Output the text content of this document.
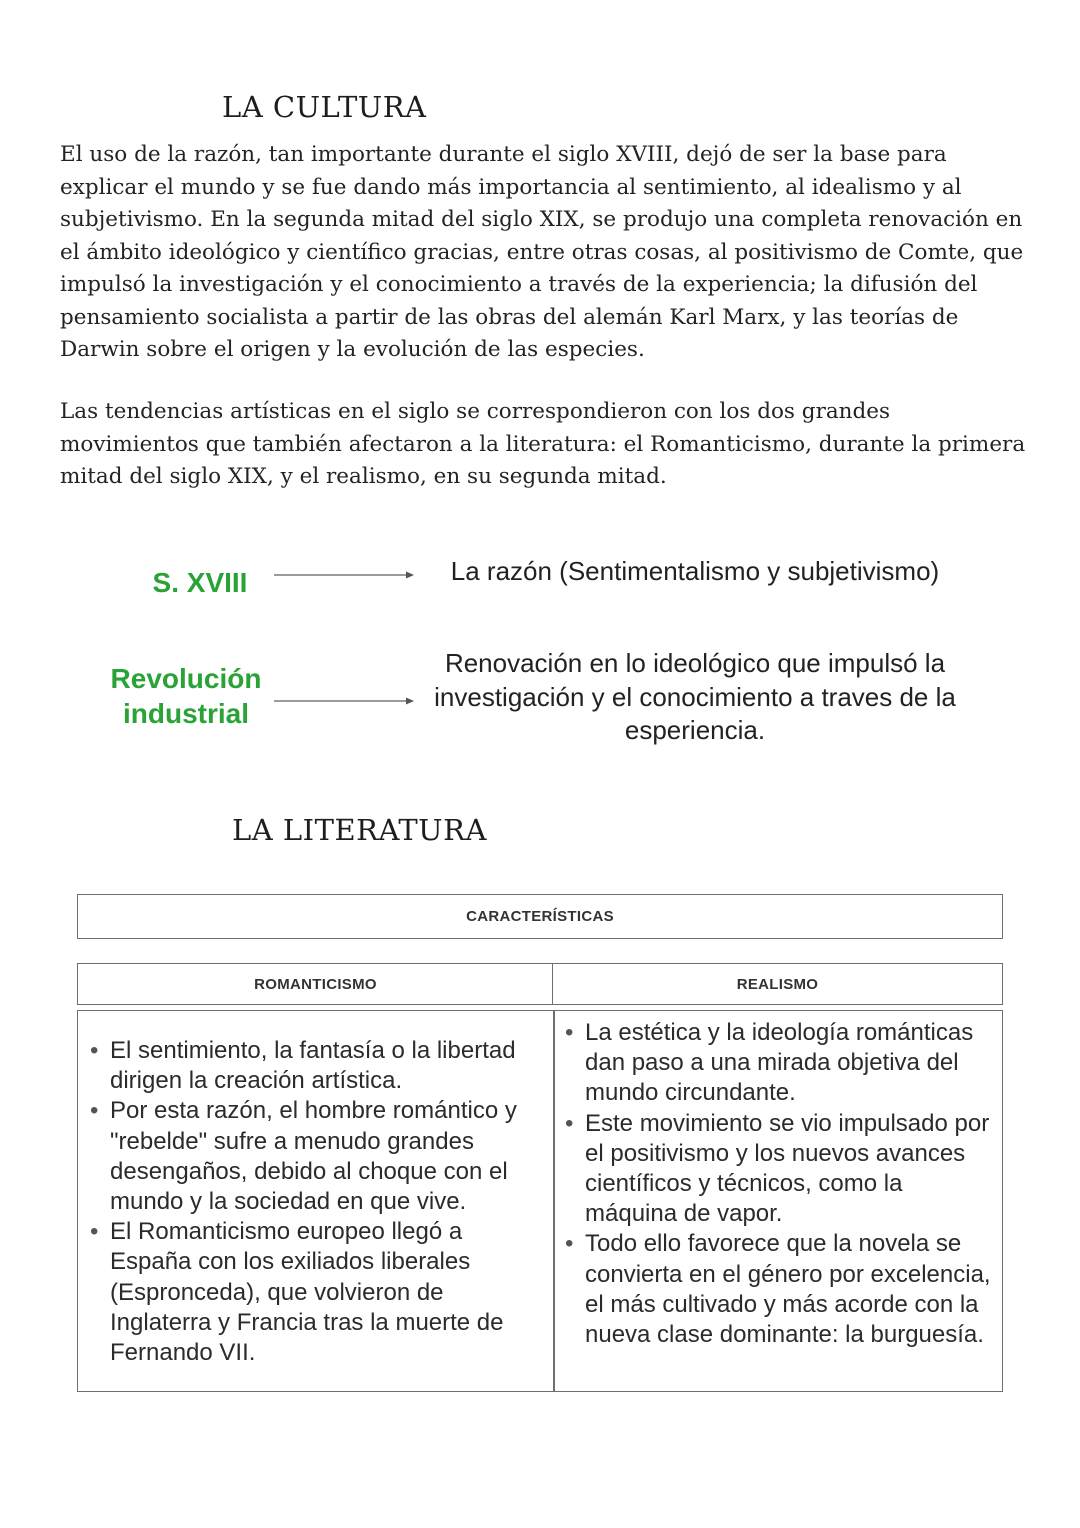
LA CULTURA

El uso de la razón, tan importante durante el siglo XVIII, dejó de ser la base para explicar el mundo y se fue dando más importancia al sentimiento, al idealismo y al subjetivismo. En la segunda mitad del siglo XIX, se produjo una completa renovación en el ámbito ideológico y científico gracias, entre otras cosas, al positivismo de Comte, que impulsó la investigación y el conocimiento a través de la experiencia; la difusión del pensamiento socialista a partir de las obras del alemán Karl Marx, y las teorías de Darwin sobre el origen y la evolución de las especies.

Las tendencias artísticas en el siglo se correspondieron con los dos grandes movimientos que también afectaron a la literatura: el Romanticismo, durante la primera mitad del siglo XIX, y el realismo, en su segunda mitad.

S. XVIII	La razón (Sentimentalismo y subjetivismo)
Revolución industrial
Renovación en lo ideológico que impulsó la investigación y el conocimiento a traves de la esperiencia.
LA LITERATURA
CARACTERÍSTICAS
ROMANTICISMO	REALISMO
• El sentimiento, la fantasía o la libertad dirigen la creación artística.
• Por esta razón, el hombre romántico y "rebelde" sufre a menudo grandes desengaños, debido al choque con el mundo y la sociedad en que vive.
• El Romanticismo europeo llegó a España con los exiliados liberales (Espronceda), que volvieron de Inglaterra y Francia tras la muerte de Fernando VII.
• La estética y la ideología románticas dan paso a una mirada objetiva del mundo circundante.
• Este movimiento se vio impulsado por el positivismo y los nuevos avances científicos y técnicos, como la máquina de vapor.
• Todo ello favorece que la novela se convierta en el género por excelencia, el más cultivado y más acorde con la nueva clase dominante: la burguesía.
